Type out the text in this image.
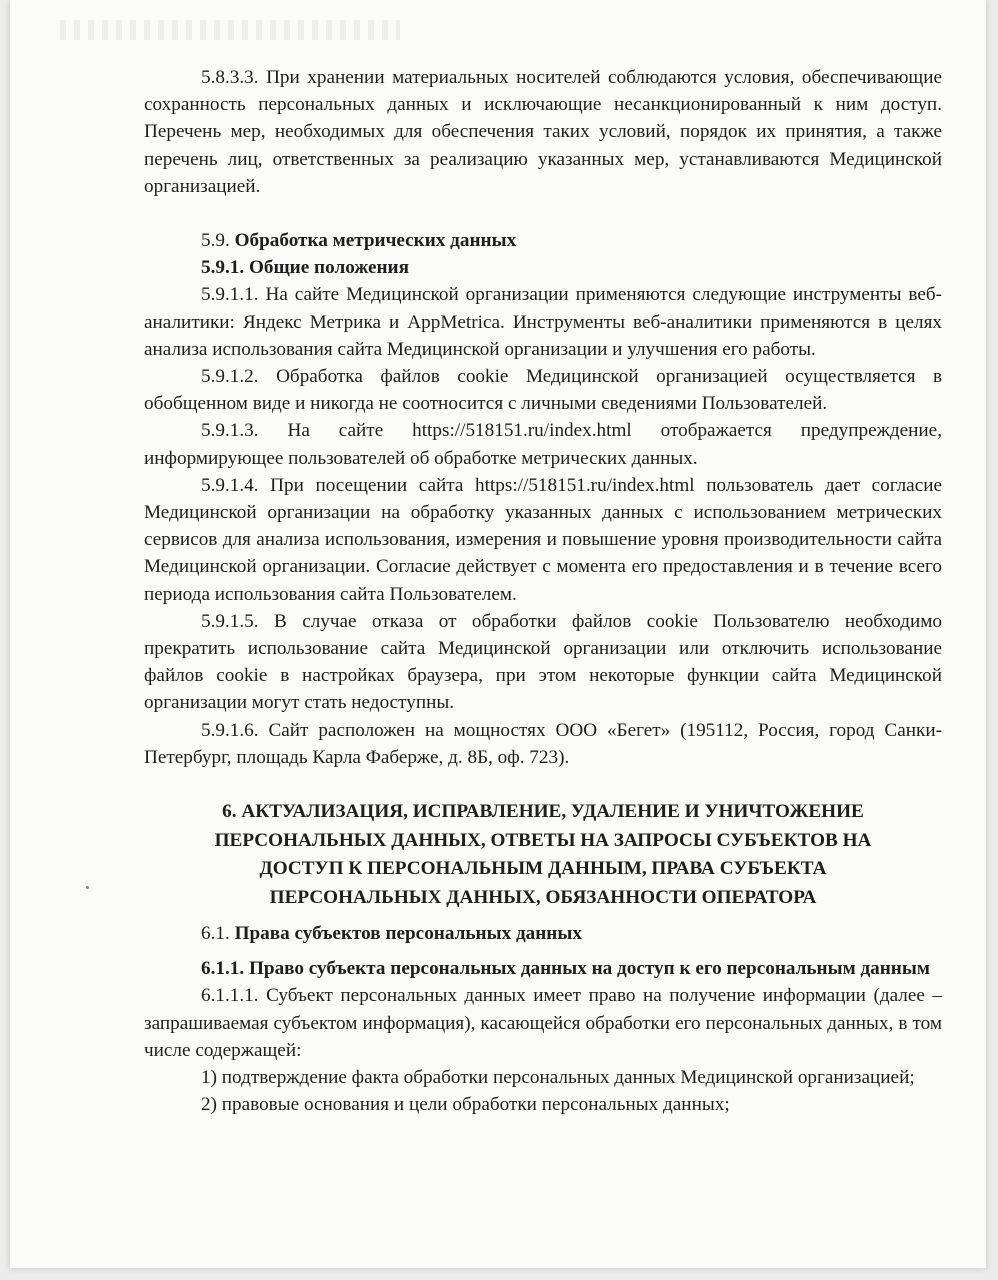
5.8.3.3. При хранении материальных носителей соблюдаются условия, обеспечивающие сохранность персональных данных и исключающие несанкционированный к ним доступ. Перечень мер, необходимых для обеспечения таких условий, порядок их принятия, а также перечень лиц, ответственных за реализацию указанных мер, устанавливаются Медицинской организацией.

5.9. Обработка метрических данных

5.9.1. Общие положения

5.9.1.1. На сайте Медицинской организации применяются следующие инструменты веб-аналитики: Яндекс Метрика и AppMetrica. Инструменты веб-аналитики применяются в целях анализа использования сайта Медицинской организации и улучшения его работы.

5.9.1.2. Обработка файлов cookie Медицинской организацией осуществляется в обобщенном виде и никогда не соотносится с личными сведениями Пользователей.

5.9.1.3. На сайте https://518151.ru/index.html отображается предупреждение, информирующее пользователей об обработке метрических данных.

5.9.1.4. При посещении сайта https://518151.ru/index.html пользователь дает согласие Медицинской организации на обработку указанных данных с использованием метрических сервисов для анализа использования, измерения и повышение уровня производительности сайта Медицинской организации. Согласие действует с момента его предоставления и в течение всего периода использования сайта Пользователем.

5.9.1.5. В случае отказа от обработки файлов cookie Пользователю необходимо прекратить использование сайта Медицинской организации или отключить использование файлов cookie в настройках браузера, при этом некоторые функции сайта Медицинской организации могут стать недоступны.

5.9.1.6. Сайт расположен на мощностях ООО «Бегет» (195112, Россия, город Санки-Петербург, площадь Карла Фаберже, д. 8Б, оф. 723).

6. АКТУАЛИЗАЦИЯ, ИСПРАВЛЕНИЕ, УДАЛЕНИЕ И УНИЧТОЖЕНИЕ
ПЕРСОНАЛЬНЫХ ДАННЫХ, ОТВЕТЫ НА ЗАПРОСЫ СУБЪЕКТОВ НА
ДОСТУП К ПЕРСОНАЛЬНЫМ ДАННЫМ, ПРАВА СУБЪЕКТА
ПЕРСОНАЛЬНЫХ ДАННЫХ, ОБЯЗАННОСТИ ОПЕРАТОРА

6.1. Права субъектов персональных данных

6.1.1. Право субъекта персональных данных на доступ к его персональным данным

6.1.1.1. Субъект персональных данных имеет право на получение информации (далее – запрашиваемая субъектом информация), касающейся обработки его персональных данных, в том числе содержащей:

1) подтверждение факта обработки персональных данных Медицинской организацией;

2) правовые основания и цели обработки персональных данных;
